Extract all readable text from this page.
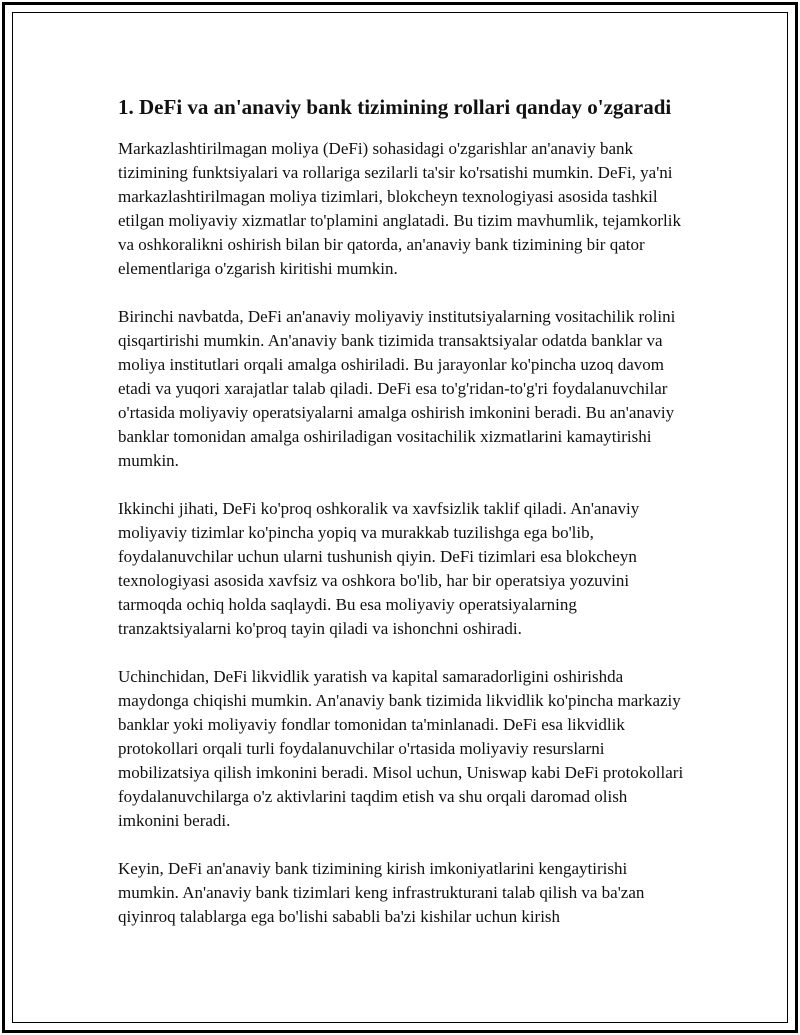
1. DeFi va an'anaviy bank tizimining rollari qanday o'zgaradi

Markazlashtirilmagan moliya (DeFi) sohasidagi o'zgarishlar an'anaviy bank tizimining funktsiyalari va rollariga sezilarli ta'sir ko'rsatishi mumkin. DeFi, ya'ni markazlashtirilmagan moliya tizimlari, blokcheyn texnologiyasi asosida tashkil etilgan moliyaviy xizmatlar to'plamini anglatadi. Bu tizim mavhumlik, tejamkorlik va oshkoralikni oshirish bilan bir qatorda, an'anaviy bank tizimining bir qator elementlariga o'zgarish kiritishi mumkin.

Birinchi navbatda, DeFi an'anaviy moliyaviy institutsiyalarning vositachilik rolini qisqartirishi mumkin. An'anaviy bank tizimida transaktsiyalar odatda banklar va moliya institutlari orqali amalga oshiriladi. Bu jarayonlar ko'pincha uzoq davom etadi va yuqori xarajatlar talab qiladi. DeFi esa to'g'ridan-to'g'ri foydalanuvchilar o'rtasida moliyaviy operatsiyalarni amalga oshirish imkonini beradi. Bu an'anaviy banklar tomonidan amalga oshiriladigan vositachilik xizmatlarini kamaytirishi mumkin.

Ikkinchi jihati, DeFi ko'proq oshkoralik va xavfsizlik taklif qiladi. An'anaviy moliyaviy tizimlar ko'pincha yopiq va murakkab tuzilishga ega bo'lib, foydalanuvchilar uchun ularni tushunish qiyin. DeFi tizimlari esa blokcheyn texnologiyasi asosida xavfsiz va oshkora bo'lib, har bir operatsiya yozuvini tarmoqda ochiq holda saqlaydi. Bu esa moliyaviy operatsiyalarning tranzaktsiyalarni ko'proq tayin qiladi va ishonchni oshiradi.

Uchinchidan, DeFi likvidlik yaratish va kapital samaradorligini oshirishda maydonga chiqishi mumkin. An'anaviy bank tizimida likvidlik ko'pincha markaziy banklar yoki moliyaviy fondlar tomonidan ta'minlanadi. DeFi esa likvidlik protokollari orqali turli foydalanuvchilar o'rtasida moliyaviy resurslarni mobilizatsiya qilish imkonini beradi. Misol uchun, Uniswap kabi DeFi protokollari foydalanuvchilarga o'z aktivlarini taqdim etish va shu orqali daromad olish imkonini beradi.

Keyin, DeFi an'anaviy bank tizimining kirish imkoniyatlarini kengaytirishi mumkin. An'anaviy bank tizimlari keng infrastrukturani talab qilish va ba'zan qiyinroq talablarga ega bo'lishi sababli ba'zi kishilar uchun kirish
